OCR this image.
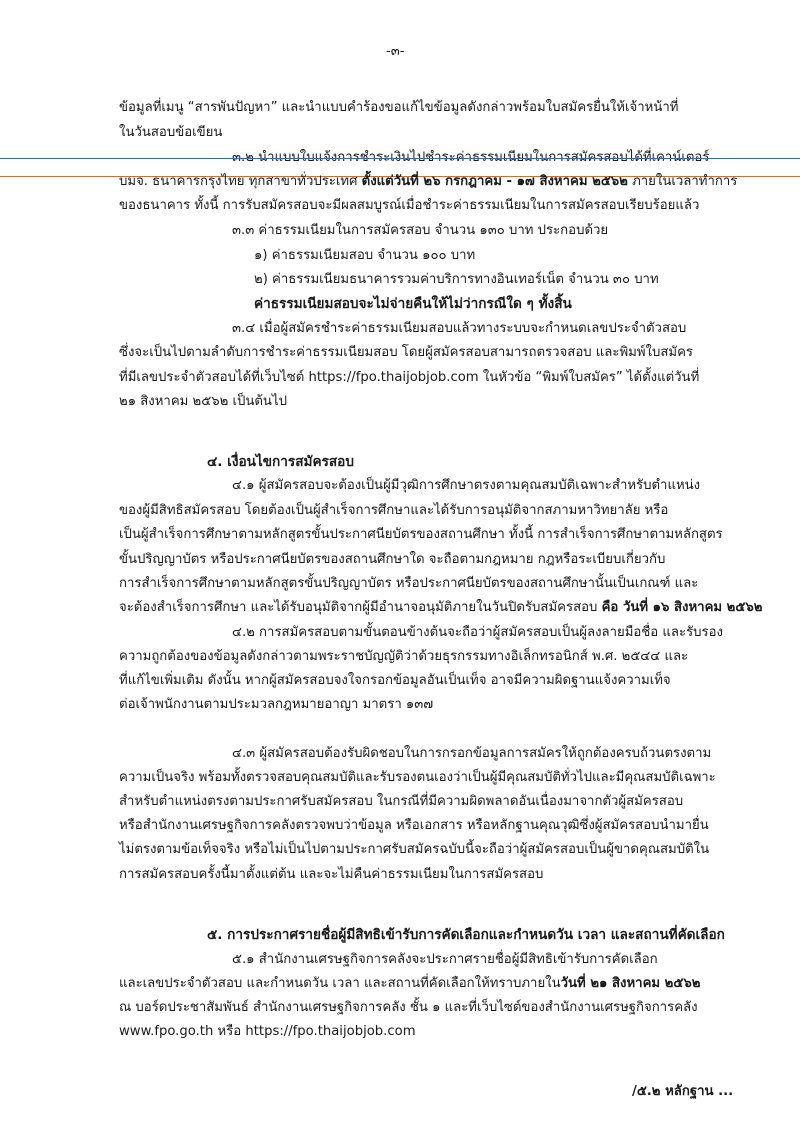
-๓-
ข้อมูลที่เมนู “สารพันปัญหา” และนำแบบคำร้องขอแก้ไขข้อมูลดังกล่าวพร้อมใบสมัครยื่นให้เจ้าหน้าที่
ในวันสอบข้อเขียน
๓.๒ นำแบบใบแจ้งการชำระเงินไปชำระค่าธรรมเนียมในการสมัครสอบได้ที่เคาน์เตอร์
บมจ. ธนาคารกรุงไทย ทุกสาขาทั่วประเทศ ตั้งแต่วันที่ ๒๖ กรกฎาคม - ๑๗ สิงหาคม ๒๕๖๒ ภายในเวลาทำการ
ของธนาคาร ทั้งนี้ การรับสมัครสอบจะมีผลสมบูรณ์เมื่อชำระค่าธรรมเนียมในการสมัครสอบเรียบร้อยแล้ว
๓.๓ ค่าธรรมเนียมในการสมัครสอบ จำนวน ๑๓๐ บาท ประกอบด้วย
๑) ค่าธรรมเนียมสอบ จำนวน ๑๐๐ บาท
๒) ค่าธรรมเนียมธนาคารรวมค่าบริการทางอินเทอร์เน็ต จำนวน ๓๐ บาท
ค่าธรรมเนียมสอบจะไม่จ่ายคืนให้ไม่ว่ากรณีใด ๆ ทั้งสิ้น
๓.๔ เมื่อผู้สมัครชำระค่าธรรมเนียมสอบแล้วทางระบบจะกำหนดเลขประจำตัวสอบ
ซึ่งจะเป็นไปตามลำดับการชำระค่าธรรมเนียมสอบ โดยผู้สมัครสอบสามารถตรวจสอบ และพิมพ์ใบสมัคร
ที่มีเลขประจำตัวสอบได้ที่เว็บไซต์ https://fpo.thaijobjob.com ในหัวข้อ “พิมพ์ใบสมัคร” ได้ตั้งแต่วันที่
๒๑ สิงหาคม ๒๕๖๒ เป็นต้นไป
๔. เงื่อนไขการสมัครสอบ
๔.๑ ผู้สมัครสอบจะต้องเป็นผู้มีวุฒิการศึกษาตรงตามคุณสมบัติเฉพาะสำหรับตำแหน่ง
ของผู้มีสิทธิสมัครสอบ โดยต้องเป็นผู้สำเร็จการศึกษาและได้รับการอนุมัติจากสภามหาวิทยาลัย หรือ
เป็นผู้สำเร็จการศึกษาตามหลักสูตรขั้นประกาศนียบัตรของสถานศึกษา ทั้งนี้ การสำเร็จการศึกษาตามหลักสูตร
ขั้นปริญญาบัตร หรือประกาศนียบัตรของสถานศึกษาใด จะถือตามกฎหมาย กฎหรือระเบียบเกี่ยวกับ
การสำเร็จการศึกษาตามหลักสูตรขั้นปริญญาบัตร หรือประกาศนียบัตรของสถานศึกษานั้นเป็นเกณฑ์ และ
จะต้องสำเร็จการศึกษา และได้รับอนุมัติจากผู้มีอำนาจอนุมัติภายในวันปิดรับสมัครสอบ คือ วันที่ ๑๖ สิงหาคม ๒๕๖๒
๔.๒ การสมัครสอบตามขั้นตอนข้างต้นจะถือว่าผู้สมัครสอบเป็นผู้ลงลายมือชื่อ และรับรอง
ความถูกต้องของข้อมูลดังกล่าวตามพระราชบัญญัติว่าด้วยธุรกรรมทางอิเล็กทรอนิกส์ พ.ศ. ๒๕๔๔ และ
ที่แก้ไขเพิ่มเติม ดังนั้น หากผู้สมัครสอบจงใจกรอกข้อมูลอันเป็นเท็จ อาจมีความผิดฐานแจ้งความเท็จ
ต่อเจ้าพนักงานตามประมวลกฎหมายอาญา มาตรา ๑๓๗
๔.๓ ผู้สมัครสอบต้องรับผิดชอบในการกรอกข้อมูลการสมัครให้ถูกต้องครบถ้วนตรงตาม
ความเป็นจริง พร้อมทั้งตรวจสอบคุณสมบัติและรับรองตนเองว่าเป็นผู้มีคุณสมบัติทั่วไปและมีคุณสมบัติเฉพาะ
สำหรับตำแหน่งตรงตามประกาศรับสมัครสอบ ในกรณีที่มีความผิดพลาดอันเนื่องมาจากตัวผู้สมัครสอบ
หรือสำนักงานเศรษฐกิจการคลังตรวจพบว่าข้อมูล หรือเอกสาร หรือหลักฐานคุณวุฒิซึ่งผู้สมัครสอบนำมายื่น
ไม่ตรงตามข้อเท็จจริง หรือไม่เป็นไปตามประกาศรับสมัครฉบับนี้จะถือว่าผู้สมัครสอบเป็นผู้ขาดคุณสมบัติใน
การสมัครสอบครั้งนี้มาตั้งแต่ต้น และจะไม่คืนค่าธรรมเนียมในการสมัครสอบ
๕. การประกาศรายชื่อผู้มีสิทธิเข้ารับการคัดเลือกและกำหนดวัน เวลา และสถานที่คัดเลือก
๕.๑ สำนักงานเศรษฐกิจการคลังจะประกาศรายชื่อผู้มีสิทธิเข้ารับการคัดเลือก
และเลขประจำตัวสอบ และกำหนดวัน เวลา และสถานที่คัดเลือกให้ทราบภายในวันที่ ๒๑ สิงหาคม ๒๕๖๒
ณ บอร์ดประชาสัมพันธ์ สำนักงานเศรษฐกิจการคลัง ชั้น ๑ และที่เว็บไซต์ของสำนักงานเศรษฐกิจการคลัง
www.fpo.go.th หรือ https://fpo.thaijobjob.com
/๕.๒ หลักฐาน ...
